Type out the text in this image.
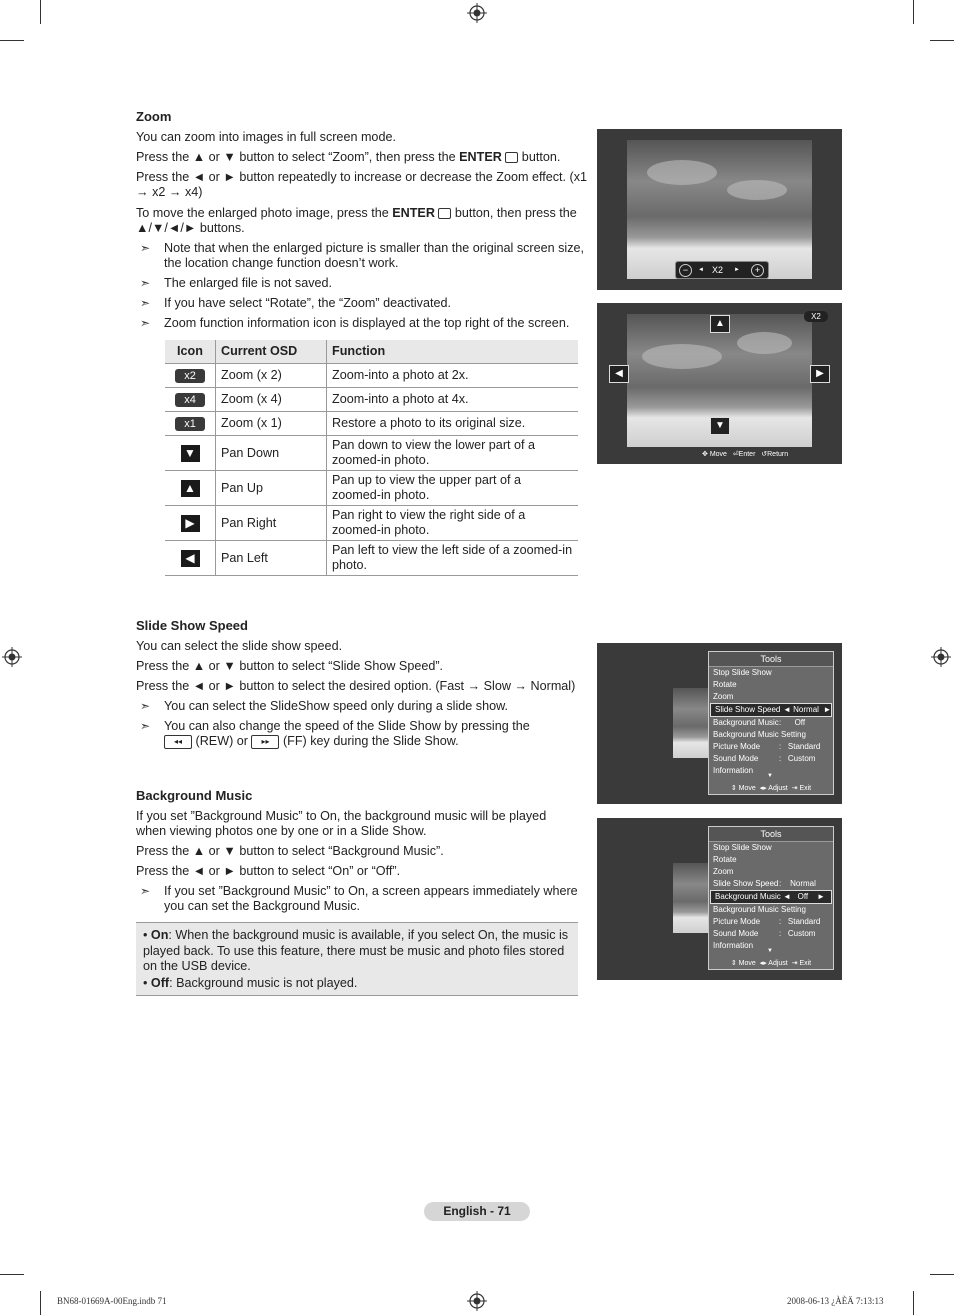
Zoom

You can zoom into images in full screen mode.

Press the ▲ or ▼ button to select “Zoom”, then press the ENTER  button.

Press the ◄ or ► button repeatedly to increase or decrease the Zoom effect. (x1 → x2 → x4)

To move the enlarged photo image, press the ENTER  button, then press the ▲/▼/◄/► buttons.

➣ Note that when the enlarged picture is smaller than the original screen size, the location change function doesn’t work.
➣ The enlarged file is not saved.
➣ If you have select “Rotate”, the “Zoom” deactivated.
➣ Zoom function information icon is displayed at the top right of the screen.
Icon	Current OSD	Function
x2	Zoom (x 2)	Zoom-into a photo at 2x.
x4	Zoom (x 4)	Zoom-into a photo at 4x.
x1	Zoom (x 1)	Restore a photo to its original size.
▼	Pan Down	Pan down to view the lower part of a zoomed-in photo.
▲	Pan Up	Pan up to view the upper part of a zoomed-in photo.
▶	Pan Right	Pan right to view the right side of a zoomed-in photo.
◀	Pan Left	Pan left to view the left side of a zoomed-in photo.
−	◄ X2 ►	+
X2
▲
▼
◀	▶
✥ Move ⏎Enter ↺Return
Slide Show Speed

You can select the slide show speed.

Press the ▲ or ▼ button to select “Slide Show Speed”.

Press the ◄ or ► button to select the desired option. (Fast → Slow → Normal)

➣ You can select the SlideShow speed only during a slide show.
➣ You can also change the speed of the Slide Show by pressing the
◂◂ (REW) or ▸▸ (FF) key during the Slide Show.
Tools
Stop Slide Show
Rotate
Zoom
Slide Show Speed ◄ Normal  ►
Background Music :      Off
Background Music Setting
Picture Mode :   Standard
Sound Mode	:   Custom
Information
▼
⇕ Move  ◂▸ Adjust  ⇥ Exit
Background Music

If you set ”Background Music” to On, the background music will be played when viewing photos one by one or in a Slide Show.

Press the ▲ or ▼ button to select “Background Music”.

Press the ◄ or ► button to select “On” or “Off”.

➣ If you set ”Background Music” to On, a screen appears immediately where you can set the Background Music.
• On: When the background music is available, if you select On, the music is played back. To use this feature, there must be music and photo files stored on the USB device.
• Off: Background music is not played.
Tools
Stop Slide Show
Rotate
Zoom
Slide Show Speed :    Normal
Background Music ◄   Off    ►
Background Music Setting
Picture Mode :   Standard
Sound Mode	:   Custom
Information
▼
⇕ Move  ◂▸ Adjust  ⇥ Exit
English - 71
BN68-01669A-00Eng.indb 71	2008-06-13 ¿ÀÈÄ 7:13:13
